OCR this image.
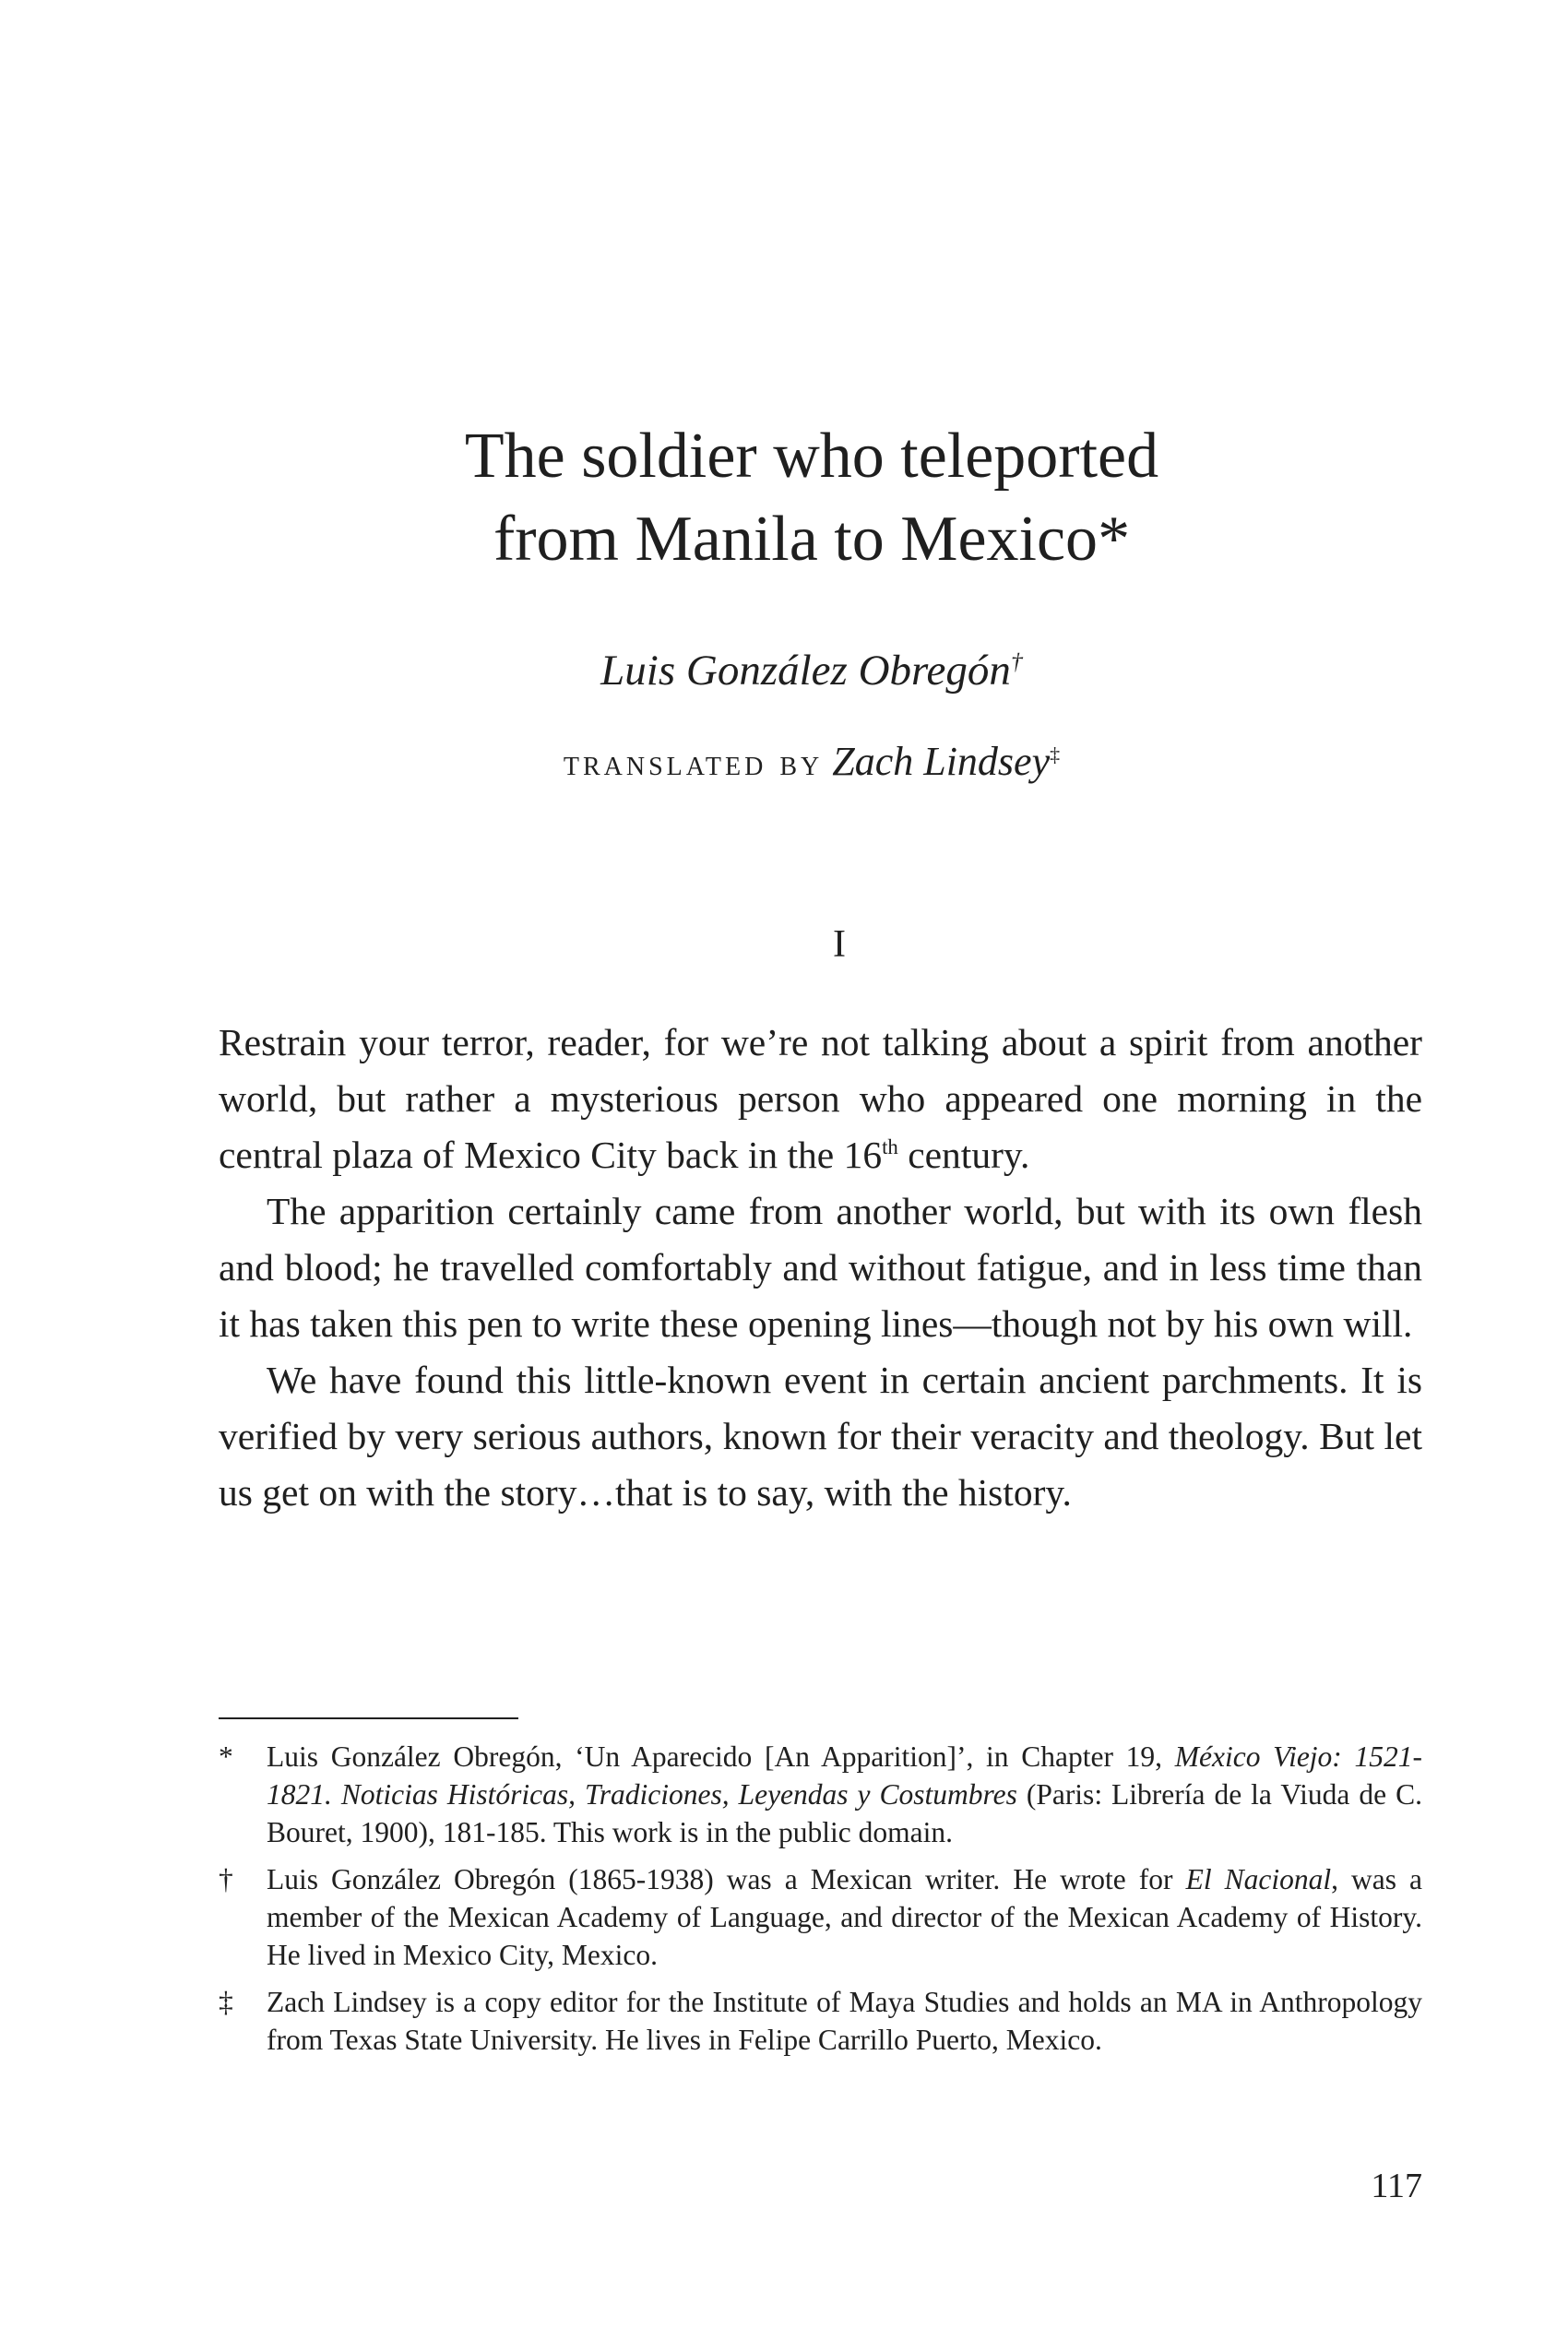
The soldier who teleported
from Manila to Mexico*
Luis González Obregón†
translated by Zach Lindsey‡
I

Restrain your terror, reader, for we’re not talking about a spirit from another world, but rather a mysterious person who appeared one morning in the central plaza of Mexico City back in the 16th century.

The apparition certainly came from another world, but with its own flesh and blood; he travelled comfortably and without fatigue, and in less time than it has taken this pen to write these opening lines—though not by his own will.

We have found this little-known event in certain ancient parchments. It is verified by very serious authors, known for their veracity and theology. But let us get on with the story…that is to say, with the history.

* Luis González Obregón, ‘Un Aparecido [An Apparition]’, in Chapter 19, México Viejo: 1521-1821. Noticias Históricas, Tradiciones, Leyendas y Costumbres (Paris: Librería de la Viuda de C. Bouret, 1900), 181-185. This work is in the public domain.
† Luis González Obregón (1865-1938) was a Mexican writer. He wrote for El Nacional, was a member of the Mexican Academy of Language, and director of the Mexican Academy of History. He lived in Mexico City, Mexico.
‡ Zach Lindsey is a copy editor for the Institute of Maya Studies and holds an MA in Anthropology from Texas State University. He lives in Felipe Carrillo Puerto, Mexico.
117
